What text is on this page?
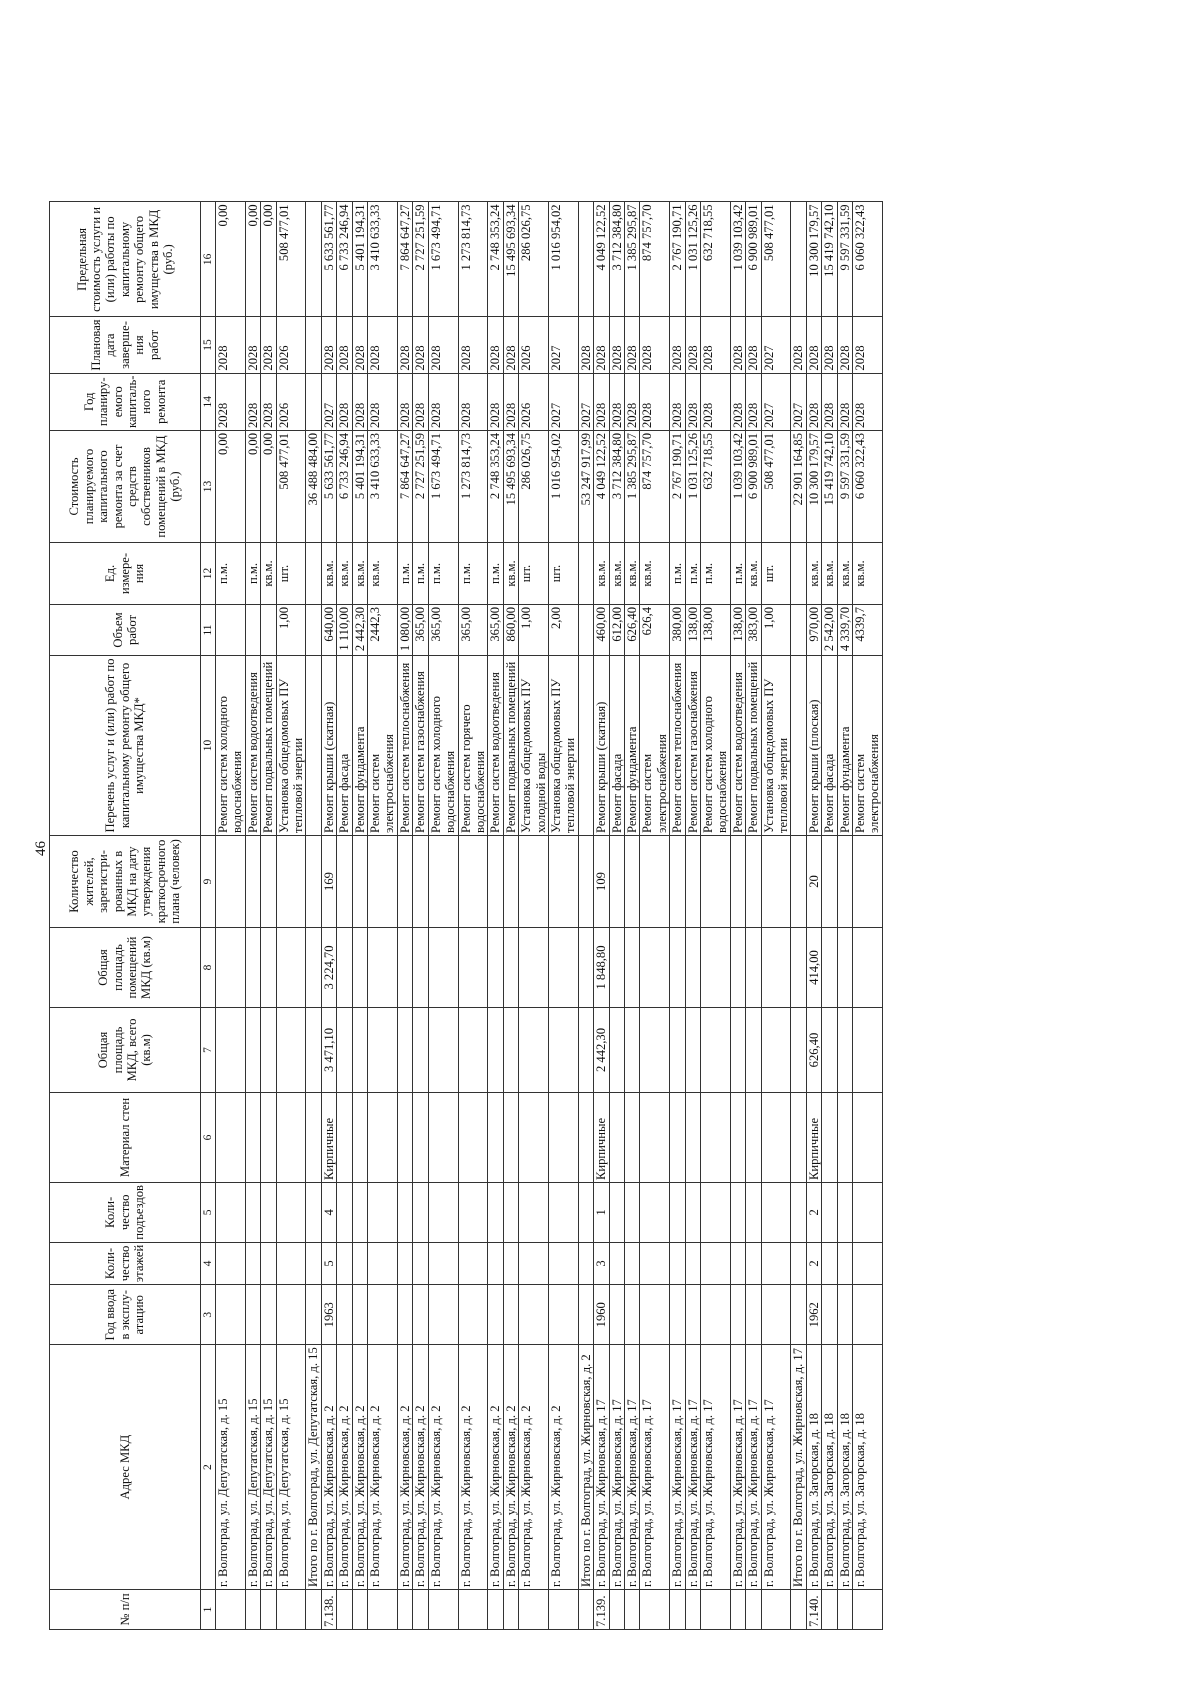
46
№ п/п	Адрес МКД	Год ввода в эксплу-атацию	Коли-чество этажей	Коли-чество подъездов	Материал стен	Общая площадь МКД, всего (кв.м)	Общая площадь помещений МКД (кв.м)	Количество жителей, зарегистри-рованных в МКД на дату утверждения краткосрочного плана (человек)	Перечень услуг и (или) работ по капитальному ремонту общего имущества МКД*	Объем работ	Ед. измере-ния	Стоимость планируемого капитального ремонта за счет средств собственников помещений в МКД (руб.)	Год планиру-емого капиталь-ного ремонта	Плановая дата заверше-ния работ	Предельная стоимость услуги и (или) работы по капитальному ремонту общего имущества в МКД (руб.)
1	2	3	4	5	6	7	8	9	10	11	12	13	14	15	16
	г. Волгоград, ул. Депутатская, д. 15								Ремонт систем холодного водоснабжения		п.м.	0,00	2028	2028	0,00
	г. Волгоград, ул. Депутатская, д. 15								Ремонт систем водоотведения		п.м.	0,00	2028	2028	0,00
	г. Волгоград, ул. Депутатская, д. 15								Ремонт подвальных помещений		кв.м.	0,00	2028	2028	0,00
	г. Волгоград, ул. Депутатская, д. 15								Установка общедомовых ПУ тепловой энергии	1,00	шт.	508 477,01	2026	2026	508 477,01
	Итого по г. Волгоград, ул. Депутатская, д. 15											36 488 484,00			
7.138.	г. Волгоград, ул. Жирновская, д. 2	1963	5	4	Кирпичные	3 471,10	3 224,70	169	Ремонт крыши (скатная)	640,00	кв.м.	5 633 561,77	2027	2028	5 633 561,77
	г. Волгоград, ул. Жирновская, д. 2								Ремонт фасада	1 110,00	кв.м.	6 733 246,94	2028	2028	6 733 246,94
	г. Волгоград, ул. Жирновская, д. 2								Ремонт фундамента	2 442,30	кв.м.	5 401 194,31	2028	2028	5 401 194,31
	г. Волгоград, ул. Жирновская, д. 2								Ремонт систем электроснабжения	2442,3	кв.м.	3 410 633,33	2028	2028	3 410 633,33
	г. Волгоград, ул. Жирновская, д. 2								Ремонт систем теплоснабжения	1 080,00	п.м.	7 864 647,27	2028	2028	7 864 647,27
	г. Волгоград, ул. Жирновская, д. 2								Ремонт систем газоснабжения	365,00	п.м.	2 727 251,59	2028	2028	2 727 251,59
	г. Волгоград, ул. Жирновская, д. 2								Ремонт систем холодного водоснабжения	365,00	п.м.	1 673 494,71	2028	2028	1 673 494,71
	г. Волгоград, ул. Жирновская, д. 2								Ремонт систем горячего водоснабжения	365,00	п.м.	1 273 814,73	2028	2028	1 273 814,73
	г. Волгоград, ул. Жирновская, д. 2								Ремонт систем водоотведения	365,00	п.м.	2 748 353,24	2028	2028	2 748 353,24
	г. Волгоград, ул. Жирновская, д. 2								Ремонт подвальных помещений	860,00	кв.м.	15 495 693,34	2028	2028	15 495 693,34
	г. Волгоград, ул. Жирновская, д. 2								Установка общедомовых ПУ холодной воды	1,00	шт.	286 026,75	2026	2026	286 026,75
	г. Волгоград, ул. Жирновская, д. 2								Установка общедомовых ПУ тепловой энергии	2,00	шт.	1 016 954,02	2027	2027	1 016 954,02
	Итого по г. Волгоград, ул. Жирновская, д. 2											53 247 917,99	2027	2028	
7.139.	г. Волгоград, ул. Жирновская, д. 17	1960	3	1	Кирпичные	2 442,30	1 848,80	109	Ремонт крыши (скатная)	460,00	кв.м.	4 049 122,52	2028	2028	4 049 122,52
	г. Волгоград, ул. Жирновская, д. 17								Ремонт фасада	612,00	кв.м.	3 712 384,80	2028	2028	3 712 384,80
	г. Волгоград, ул. Жирновская, д. 17								Ремонт фундамента	626,40	кв.м.	1 385 295,87	2028	2028	1 385 295,87
	г. Волгоград, ул. Жирновская, д. 17								Ремонт систем электроснабжения	626,4	кв.м.	874 757,70	2028	2028	874 757,70
	г. Волгоград, ул. Жирновская, д. 17								Ремонт систем теплоснабжения	380,00	п.м.	2 767 190,71	2028	2028	2 767 190,71
	г. Волгоград, ул. Жирновская, д. 17								Ремонт систем газоснабжения	138,00	п.м.	1 031 125,26	2028	2028	1 031 125,26
	г. Волгоград, ул. Жирновская, д. 17								Ремонт систем холодного водоснабжения	138,00	п.м.	632 718,55	2028	2028	632 718,55
	г. Волгоград, ул. Жирновская, д. 17								Ремонт систем водоотведения	138,00	п.м.	1 039 103,42	2028	2028	1 039 103,42
	г. Волгоград, ул. Жирновская, д. 17								Ремонт подвальных помещений	383,00	кв.м.	6 900 989,01	2028	2028	6 900 989,01
	г. Волгоград, ул. Жирновская, д. 17								Установка общедомовых ПУ тепловой энергии	1,00	шт.	508 477,01	2027	2027	508 477,01
	Итого по г. Волгоград, ул. Жирновская, д. 17											22 901 164,85	2027	2028	
7.140.	г. Волгоград, ул. Загорская, д. 18	1962	2	2	Кирпичные	626,40	414,00	20	Ремонт крыши (плоская)	970,00	кв.м.	10 300 179,57	2028	2028	10 300 179,57
	г. Волгоград, ул. Загорская, д. 18								Ремонт фасада	2 542,00	кв.м.	15 419 742,10	2028	2028	15 419 742,10
	г. Волгоград, ул. Загорская, д. 18								Ремонт фундамента	4 339,70	кв.м.	9 597 331,59	2028	2028	9 597 331,59
	г. Волгоград, ул. Загорская, д. 18								Ремонт систем электроснабжения	4339,7	кв.м.	6 060 322,43	2028	2028	6 060 322,43
